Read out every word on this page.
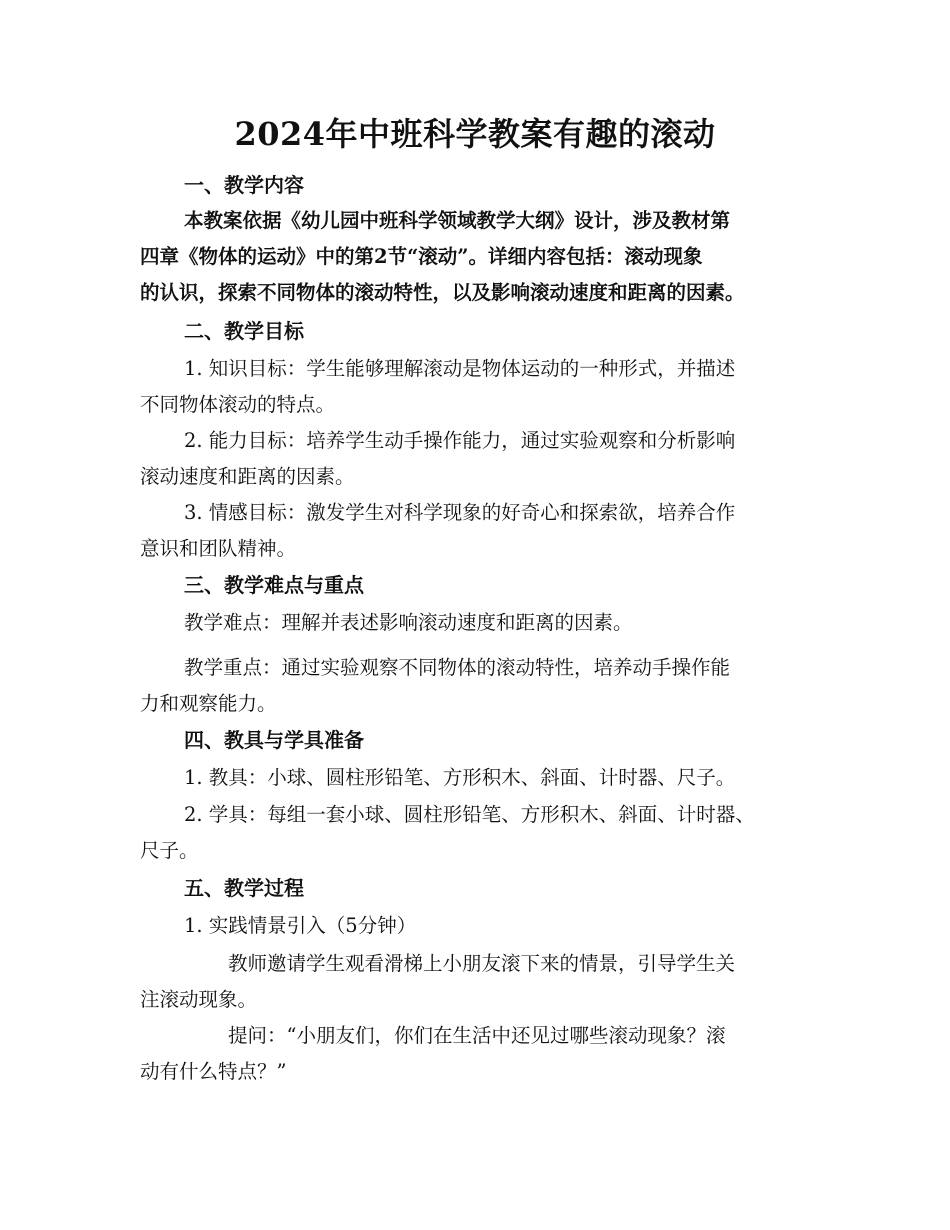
2024年中班科学教案有趣的滚动
一、教学内容
本教案依据《幼儿园中班科学领域教学大纲》设计，涉及教材第
四章《物体的运动》中的第2节“滚动”。详细内容包括：滚动现象
的认识，探索不同物体的滚动特性，以及影响滚动速度和距离的因素。
二、教学目标
1. 知识目标：学生能够理解滚动是物体运动的一种形式，并描述
不同物体滚动的特点。
2. 能力目标：培养学生动手操作能力，通过实验观察和分析影响
滚动速度和距离的因素。
3. 情感目标：激发学生对科学现象的好奇心和探索欲，培养合作
意识和团队精神。
三、教学难点与重点
教学难点：理解并表述影响滚动速度和距离的因素。
教学重点：通过实验观察不同物体的滚动特性，培养动手操作能
力和观察能力。
四、教具与学具准备
1. 教具：小球、圆柱形铅笔、方形积木、斜面、计时器、尺子。
2. 学具：每组一套小球、圆柱形铅笔、方形积木、斜面、计时器、
尺子。
五、教学过程
1. 实践情景引入（5分钟）
教师邀请学生观看滑梯上小朋友滚下来的情景，引导学生关
注滚动现象。
提问：“小朋友们，你们在生活中还见过哪些滚动现象？滚
动有什么特点？”
